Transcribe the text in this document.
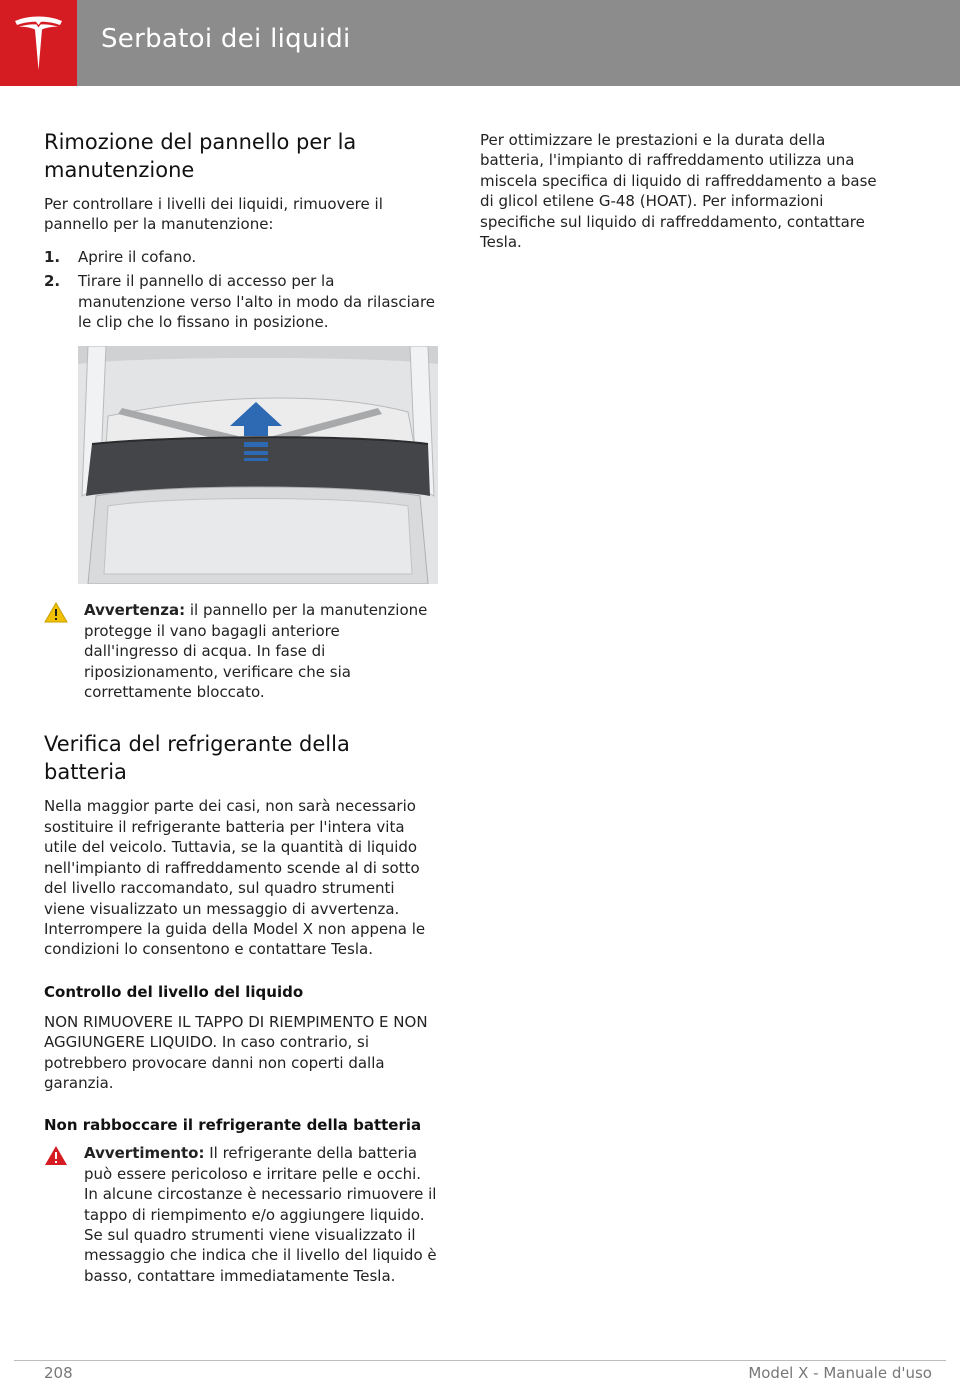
Serbatoi dei liquidi
Rimozione del pannello per la manutenzione

Per controllare i livelli dei liquidi, rimuovere il pannello per la manutenzione:

1.	Aprire il cofano.
2.	Tirare il pannello di accesso per la manutenzione verso l'alto in modo da rilasciare le clip che lo fissano in posizione.
Avvertenza: il pannello per la manutenzione protegge il vano bagagli anteriore dall'ingresso di acqua. In fase di riposizionamento, verificare che sia correttamente bloccato.
Verifica del refrigerante della batteria

Nella maggior parte dei casi, non sarà necessario sostituire il refrigerante batteria per l'intera vita utile del veicolo. Tuttavia, se la quantità di liquido nell'impianto di raffreddamento scende al di sotto del livello raccomandato, sul quadro strumenti viene visualizzato un messaggio di avvertenza. Interrompere la guida della Model X non appena le condizioni lo consentono e contattare Tesla.

Controllo del livello del liquido

NON RIMUOVERE IL TAPPO DI RIEMPIMENTO E NON AGGIUNGERE LIQUIDO. In caso contrario, si potrebbero provocare danni non coperti dalla garanzia.

Non rabboccare il refrigerante della batteria
Avvertimento: Il refrigerante della batteria può essere pericoloso e irritare pelle e occhi. In alcune circostanze è necessario rimuovere il tappo di riempimento e/o aggiungere liquido. Se sul quadro strumenti viene visualizzato il messaggio che indica che il livello del liquido è basso, contattare immediatamente Tesla.

Per ottimizzare le prestazioni e la durata della batteria, l'impianto di raffreddamento utilizza una miscela specifica di liquido di raffreddamento a base di glicol etilene G-48 (HOAT). Per informazioni specifiche sul liquido di raffreddamento, contattare Tesla.

208	Model X - Manuale d'uso
